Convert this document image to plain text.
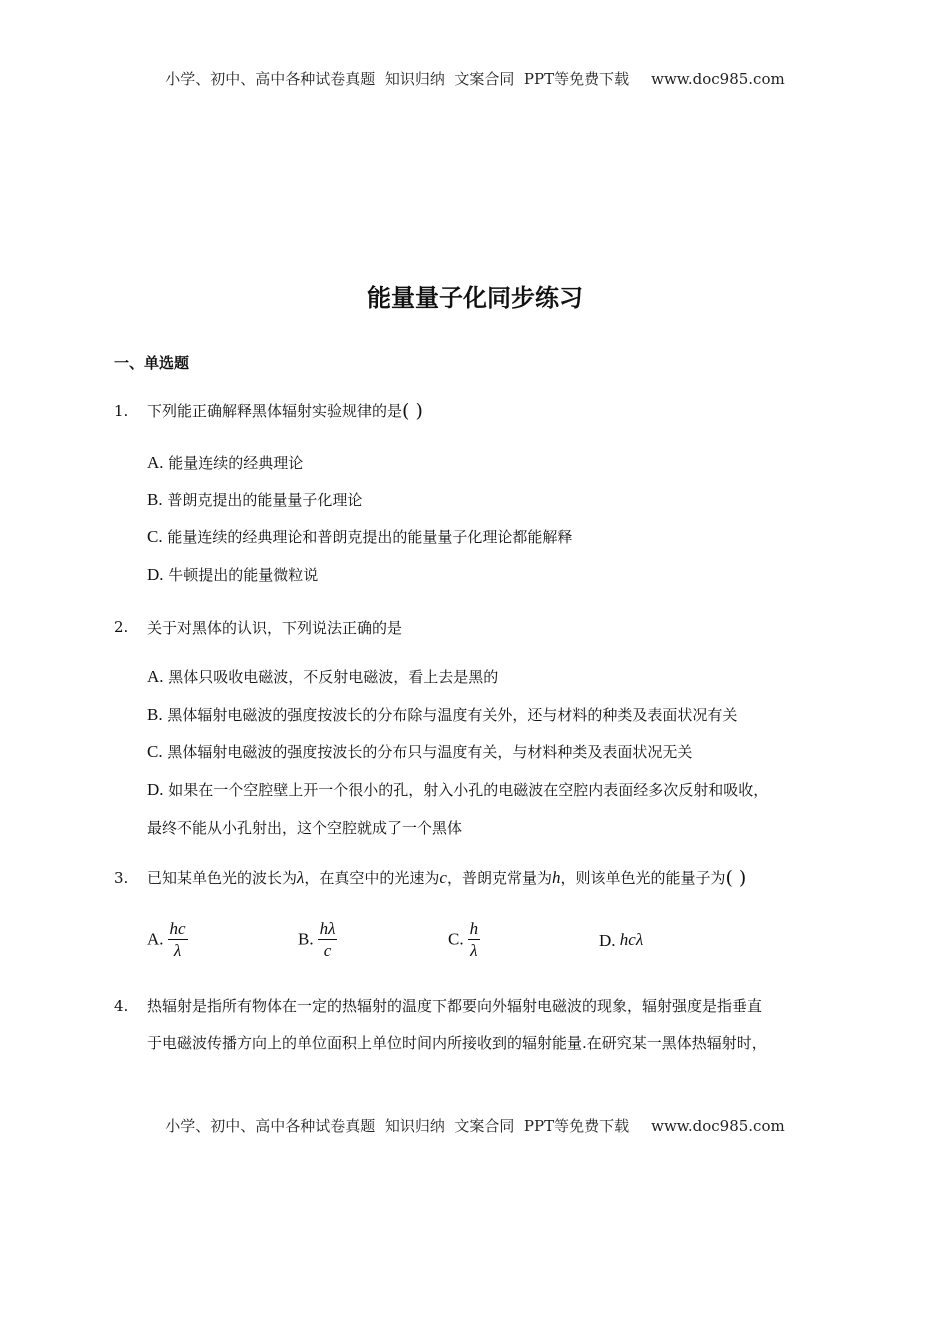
小学、初中、高中各种试卷真题  知识归纳  文案合同  PPT等免费下载 www.doc985.com
能量量子化同步练习
一、单选题
1. 下列能正确解释黑体辐射实验规律的是( )
A. 能量连续的经典理论
B. 普朗克提出的能量量子化理论
C. 能量连续的经典理论和普朗克提出的能量量子化理论都能解释
D. 牛顿提出的能量微粒说
2. 关于对黑体的认识，下列说法正确的是
A. 黑体只吸收电磁波，不反射电磁波，看上去是黑的
B. 黑体辐射电磁波的强度按波长的分布除与温度有关外，还与材料的种类及表面状况有关
C. 黑体辐射电磁波的强度按波长的分布只与温度有关，与材料种类及表面状况无关
D. 如果在一个空腔壁上开一个很小的孔，射入小孔的电磁波在空腔内表面经多次反射和吸收，
最终不能从小孔射出，这个空腔就成了一个黑体
3. 已知某单色光的波长为λ，在真空中的光速为c，普朗克常量为h，则该单色光的能量子为( )
A. $\frac{hc}{\lambda}$	B. $\frac{h\lambda}{c}$	C. $\frac{h}{\lambda}$	D. hcλ
4. 热辐射是指所有物体在一定的热辐射的温度下都要向外辐射电磁波的现象，辐射强度是指垂直
于电磁波传播方向上的单位面积上单位时间内所接收到的辐射能量.在研究某一黑体热辐射时，
小学、初中、高中各种试卷真题  知识归纳  文案合同  PPT等免费下载 www.doc985.com
